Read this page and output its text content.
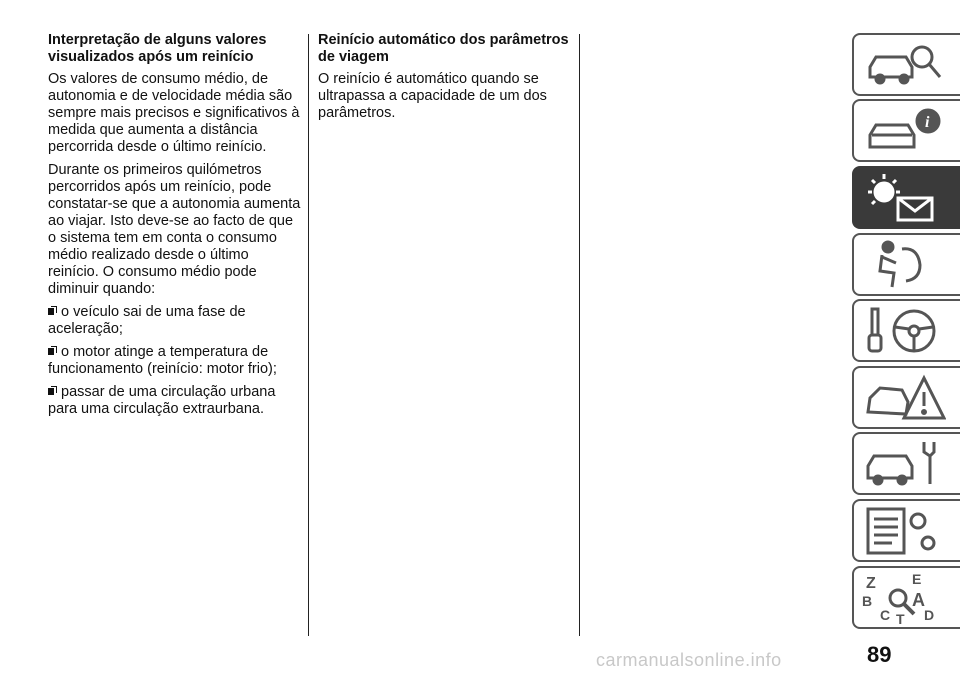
Interpretação de alguns valores visualizados após um reinício

Os valores de consumo médio, de autonomia e de velocidade média são sempre mais precisos e significativos à medida que aumenta a distância percorrida desde o último reinício.

Durante os primeiros quilómetros percorridos após um reinício, pode constatar-se que a autonomia aumenta ao viajar. Isto deve-se ao facto de que o sistema tem em conta o consumo médio realizado desde o último reinício. O consumo médio pode diminuir quando:

o veículo sai de uma fase de aceleração;
o motor atinge a temperatura de funcionamento (reinício: motor frio);
passar de uma circulação urbana para uma circulação extraurbana.
Reinício automático dos parâmetros de viagem

O reinício é automático quando se ultrapassa a capacidade de um dos parâmetros.

i
Z	E
A
B
C T D
89
carmanualsonline.info
